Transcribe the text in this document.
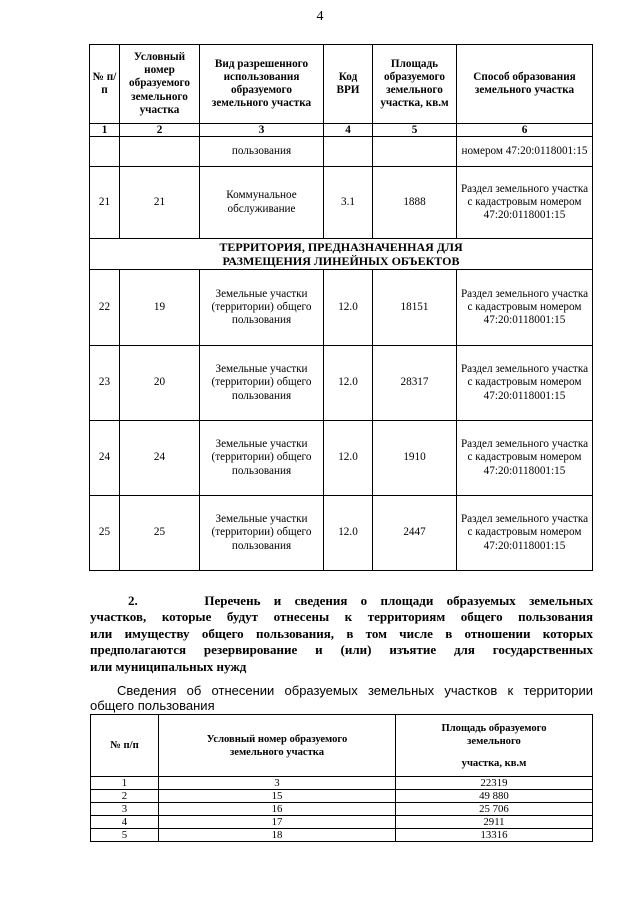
4
№ п/п	Условный номер образуемого земельного участка	Вид разрешенного использования образуемого земельного участка	Код ВРИ	Площадь образуемого земельного участка, кв.м	Способ образования земельного участка
1	2	3	4	5	6
		пользования			номером 47:20:0118001:15
21	21	Коммунальное обслуживание	3.1	1888	Раздел земельного участка с кадастровым номером 47:20:0118001:15

ТЕРРИТОРИЯ, ПРЕДНАЗНАЧЕННАЯ ДЛЯ РАЗМЕЩЕНИЯ ЛИНЕЙНЫХ ОБЪЕКТОВ					

22	19	Земельные участки (территории) общего пользования	12.0	18151	Раздел земельного участка с кадастровым номером 47:20:0118001:15
23	20	Земельные участки (территории) общего пользования	12.0	28317	Раздел земельного участка с кадастровым номером 47:20:0118001:15
24	24	Земельные участки (территории) общего пользования	12.0	1910	Раздел земельного участка с кадастровым номером 47:20:0118001:15
25	25	Земельные участки (территории) общего пользования	12.0	2447	Раздел земельного участка с кадастровым номером 47:20:0118001:15
2.	Перечень и сведения о площади образуемых земельных
участков, которые будут отнесены к территориям общего пользования
или имуществу общего пользования, в том числе в отношении которых
предполагаются резервирование и (или) изъятие для государственных
или муниципальных нужд
Сведения об отнесении образуемых земельных участков к территории
общего пользования
№ п/п	Условный номер образуемого земельного участка	Площадь образуемого земельного
участка, кв.м

1	3	22319
2	15	49 880
3	16	25 706
4	17	2911
5	18	13316
